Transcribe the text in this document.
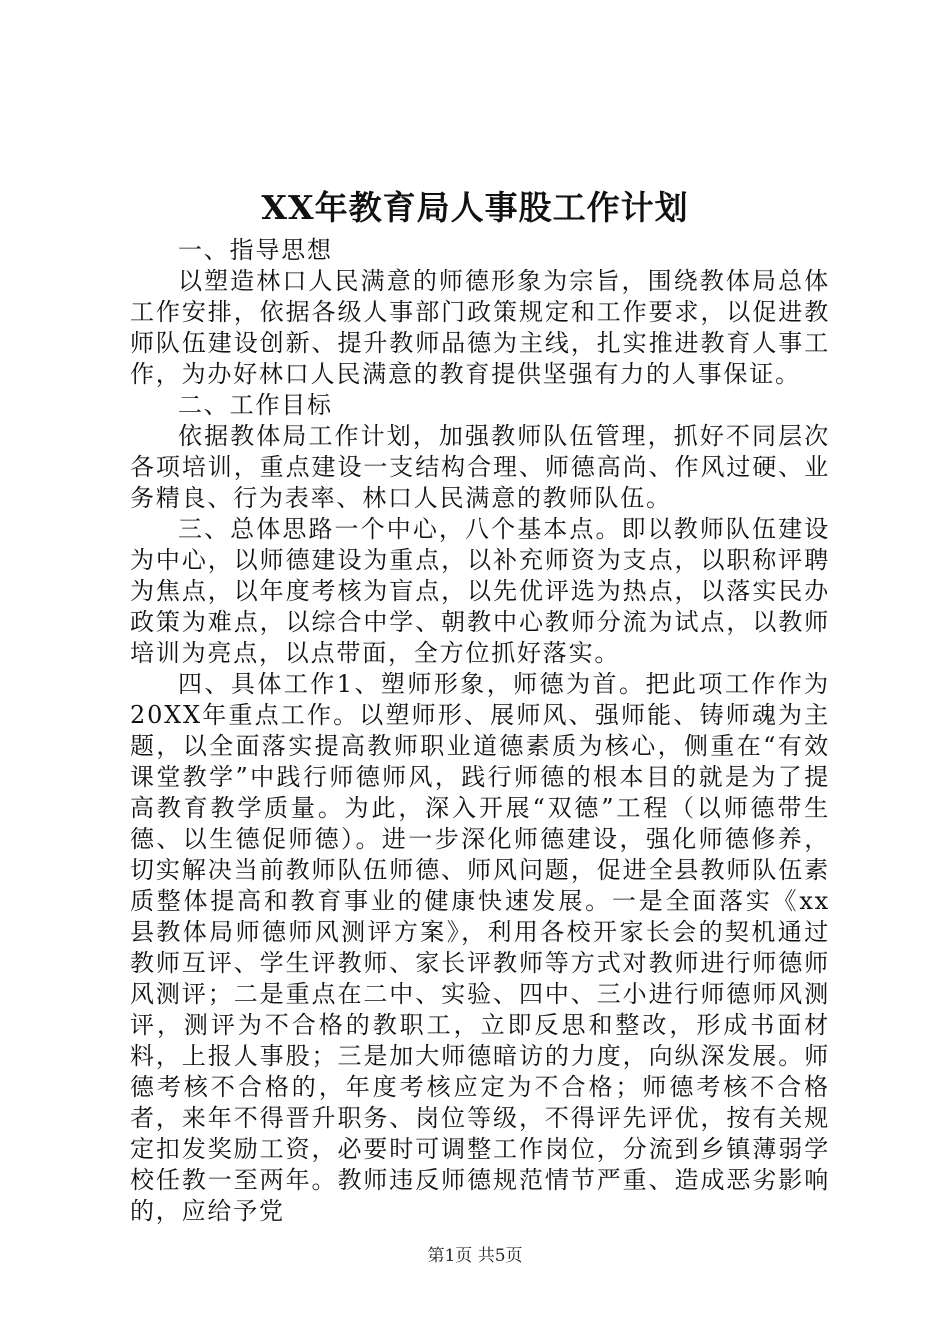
XX年教育局人事股工作计划

一、指导思想

以塑造林口人民满意的师德形象为宗旨，围绕教体局总体工作安排，依据各级人事部门政策规定和工作要求，以促进教师队伍建设创新、提升教师品德为主线，扎实推进教育人事工作，为办好林口人民满意的教育提供坚强有力的人事保证。

二、工作目标

依据教体局工作计划，加强教师队伍管理，抓好不同层次各项培训，重点建设一支结构合理、师德高尚、作风过硬、业务精良、行为表率、林口人民满意的教师队伍。

三、总体思路一个中心，八个基本点。即以教师队伍建设为中心，以师德建设为重点，以补充师资为支点，以职称评聘为焦点，以年度考核为盲点，以先优评选为热点，以落实民办政策为难点，以综合中学、朝教中心教师分流为试点，以教师培训为亮点，以点带面，全方位抓好落实。

四、具体工作1、塑师形象，师德为首。把此项工作作为20XX年重点工作。以塑师形、展师风、强师能、铸师魂为主题，以全面落实提高教师职业道德素质为核心，侧重在“有效课堂教学”中践行师德师风，践行师德的根本目的就是为了提高教育教学质量。为此，深入开展“双德”工程（以师德带生德、以生德促师德）。进一步深化师德建设，强化师德修养，切实解决当前教师队伍师德、师风问题，促进全县教师队伍素质整体提高和教育事业的健康快速发展。一是全面落实《xx县教体局师德师风测评方案》，利用各校开家长会的契机通过教师互评、学生评教师、家长评教师等方式对教师进行师德师风测评；二是重点在二中、实验、四中、三小进行师德师风测评，测评为不合格的教职工，立即反思和整改，形成书面材料，上报人事股；三是加大师德暗访的力度，向纵深发展。师德考核不合格的，年度考核应定为不合格；师德考核不合格者，来年不得晋升职务、岗位等级，不得评先评优，按有关规定扣发奖励工资，必要时可调整工作岗位，分流到乡镇薄弱学校任教一至两年。教师违反师德规范情节严重、造成恶劣影响的，应给予党

第1页 共5页
